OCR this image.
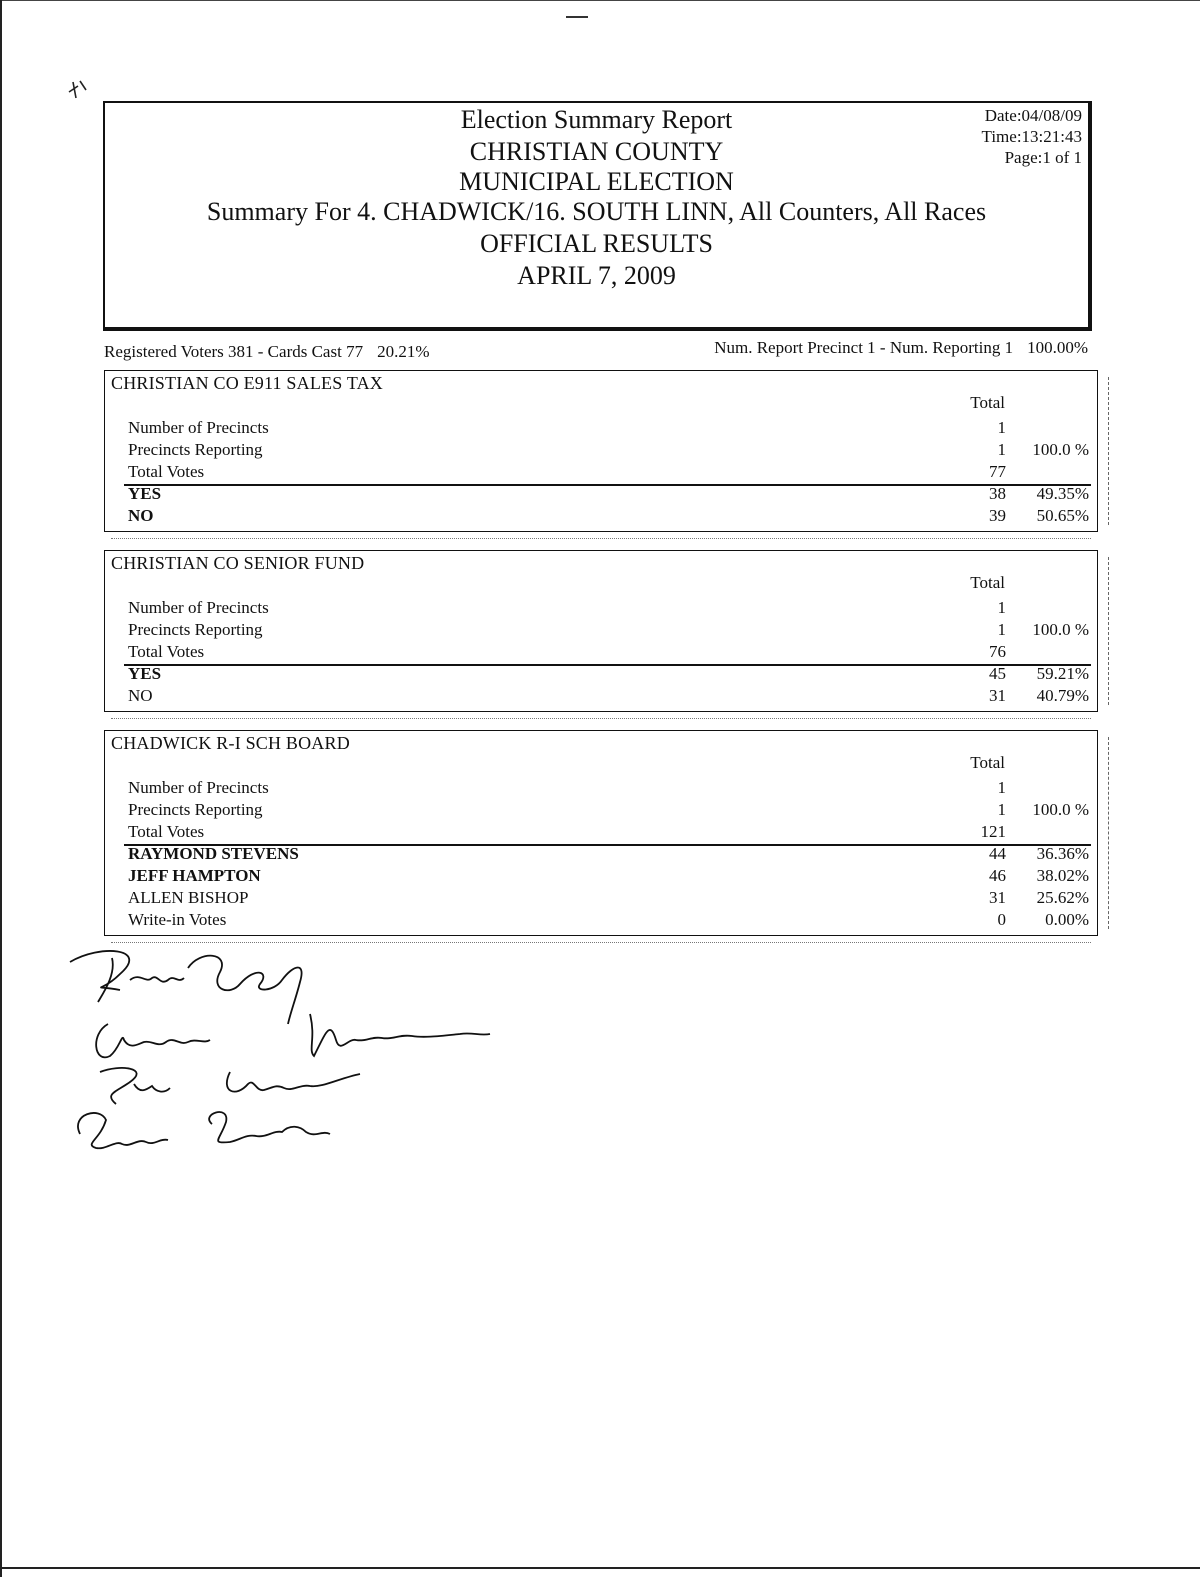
Election Summary Report
CHRISTIAN COUNTY
MUNICIPAL ELECTION
Summary For 4. CHADWICK/16. SOUTH LINN, All Counters, All Races
OFFICIAL RESULTS
APRIL 7, 2009
Date:04/08/09
Time:13:21:43
Page:1 of 1
Registered Voters 381 - Cards Cast 77 20.21%	Num. Report Precinct 1 - Num. Reporting 1 100.00%
CHRISTIAN CO E911 SALES TAX
Total
Number of Precincts	1
Precincts Reporting	1 100.0 %
Total Votes	77
YES	38 49.35%
NO	39 50.65%
CHRISTIAN CO SENIOR FUND
Total
Number of Precincts	1
Precincts Reporting	1 100.0 %
Total Votes	76
YES	45 59.21%
NO	31 40.79%
CHADWICK R-I SCH BOARD
Total
Number of Precincts	1
Precincts Reporting	1 100.0 %
Total Votes	121
RAYMOND STEVENS	44 36.36%
JEFF HAMPTON	46 38.02%
ALLEN BISHOP	31 25.62%
Write-in Votes	0 0.00%
